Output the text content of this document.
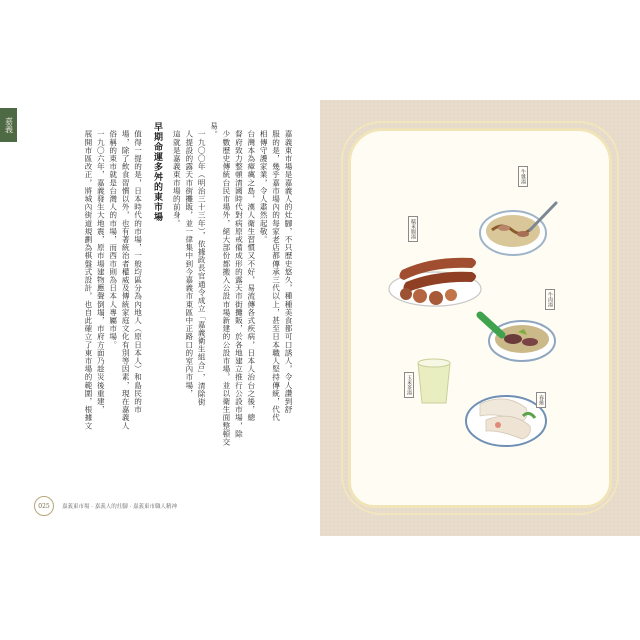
嘉義

嘉義東市場是嘉義人的灶腳，不只歷史悠久，種種美食都可口誘人，令人讚到舒

服的是，幾乎嘉市場內的每家老店都傳承三代以上，甚至日本職人堅持傳統，代代

相傳守護家業，令人肅然起敬。

台灣本為瘴癘之島，漢人衛生習慣又不好，易流傳各式疾病，日本人治台之後，總

督府致力整頓清國時代對病原戒備成形的露天市街攤販，於各地建立推行公設市場，除

少數歷史傳統台民市場外，絕大部份都搬入公設市場新建的公設市場，並以衛生面整頓交易。

一九〇〇年（明治三十三年），依據政長官通令成立「嘉義衛生組合」，清除街

人提設的露天市街攤販，並一律集中到今嘉義市東區中正路口的室內市場，

這就是嘉義東市場的前身。

早期命運多舛的東市場

值得一提的是，日本時代的市場，一般均區分為內地人（原日本人）和島民的市

場，除了飲食習慣以外，也有著統治者權威及傳統家庭文化有別等因素，現在嘉義人

俗稱的東市就是台灣人的市場，而西市則為日本人專屬市場。

一九〇六年，嘉義發生大地震，原市場建物應聲倒塌，市府方面乃趁災後重建，

展開市區改正，將城內街道規劃為棋盤式設計，也自此確立了東市場的範圍，根據文

025	嘉義東市場 · 嘉義人的灶腳 · 嘉義東市職人精神
牛雜湯
糯米腸湯
牛肉湯
玉米茶湯
春捲
